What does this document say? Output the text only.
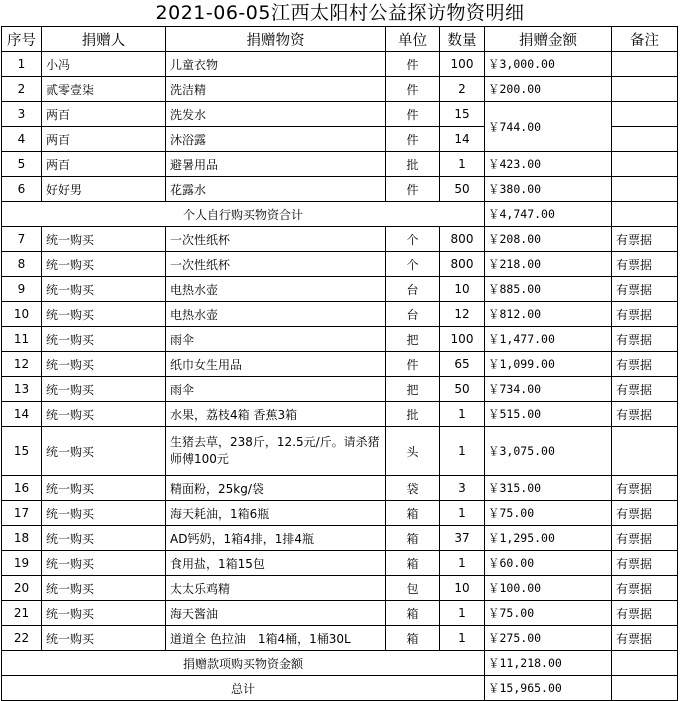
2021-06-05江西太阳村公益探访物资明细
序号	捐赠人	捐赠物资	单位	数量	捐赠金额	备注
1	小冯	儿童衣物	件	100	￥3,000.00	
2	贰零壹柒	洗洁精	件	2	￥200.00	
3	两百	洗发水	件	15	￥744.00	
4	两百	沐浴露	件	14		
5	两百	避暑用品	批	1	￥423.00	
6	好好男	花露水	件	50	￥380.00	
个人自行购买物资合计					￥4,747.00	
7	统一购买	一次性纸杯	个	800	￥208.00	有票据
8	统一购买	一次性纸杯	个	800	￥218.00	有票据
9	统一购买	电热水壶	台	10	￥885.00	有票据
10	统一购买	电热水壶	台	12	￥812.00	有票据
11	统一购买	雨伞	把	100	￥1,477.00	有票据
12	统一购买	纸巾女生用品	件	65	￥1,099.00	有票据
13	统一购买	雨伞	把	50	￥734.00	有票据
14	统一购买	水果，荔枝4箱 香蕉3箱	批	1	￥515.00	有票据
15	统一购买	生猪去草，238斤，12.5元/斤。请杀猪师傅100元	头	1	￥3,075.00	
16	统一购买	精面粉，25kg/袋	袋	3	￥315.00	有票据
17	统一购买	海天耗油，1箱6瓶	箱	1	￥75.00	有票据
18	统一购买	AD钙奶，1箱4排，1排4瓶	箱	37	￥1,295.00	有票据
19	统一购买	食用盐，1箱15包	箱	1	￥60.00	有票据
20	统一购买	太太乐鸡精	包	10	￥100.00	有票据
21	统一购买	海天酱油	箱	1	￥75.00	有票据
22	统一购买	道道全 色拉油　1箱4桶，1桶30L	箱	1	￥275.00	有票据
捐赠款项购买物资金额					￥11,218.00	
总计					￥15,965.00	
